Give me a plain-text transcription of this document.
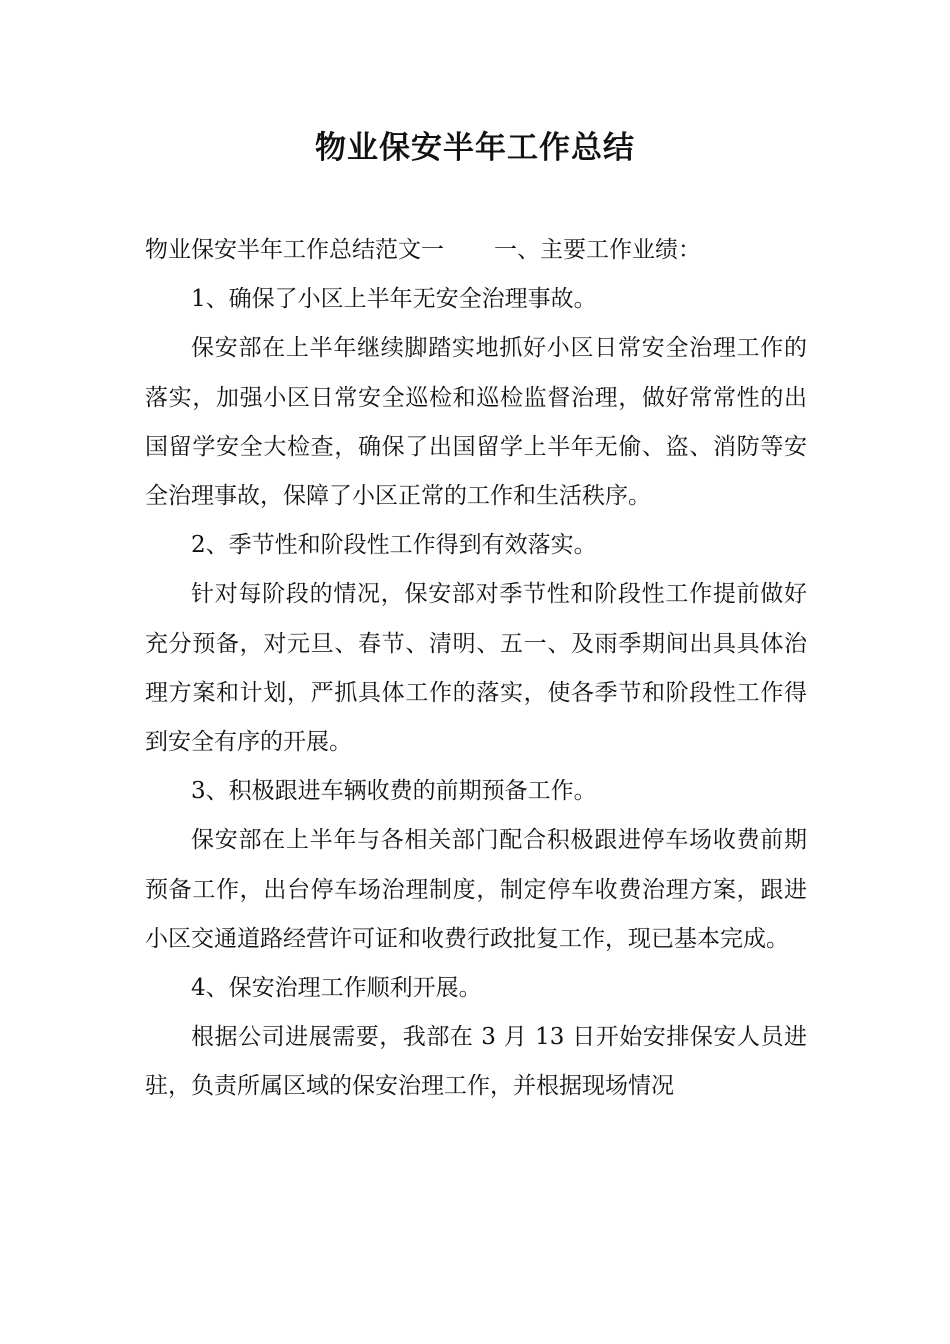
物业保安半年工作总结

物业保安半年工作总结范文一 一、主要工作业绩：

1、确保了小区上半年无安全治理事故。

保安部在上半年继续脚踏实地抓好小区日常安全治理工作的落实，加强小区日常安全巡检和巡检监督治理，做好常常性的出国留学安全大检查，确保了出国留学上半年无偷、盗、消防等安全治理事故，保障了小区正常的工作和生活秩序。

2、季节性和阶段性工作得到有效落实。

针对每阶段的情况，保安部对季节性和阶段性工作提前做好充分预备，对元旦、春节、清明、五一、及雨季期间出具具体治理方案和计划，严抓具体工作的落实，使各季节和阶段性工作得到安全有序的开展。

3、积极跟进车辆收费的前期预备工作。

保安部在上半年与各相关部门配合积极跟进停车场收费前期预备工作，出台停车场治理制度，制定停车收费治理方案，跟进小区交通道路经营许可证和收费行政批复工作，现已基本完成。

4、保安治理工作顺利开展。

根据公司进展需要，我部在 3 月 13 日开始安排保安人员进驻，负责所属区域的保安治理工作，并根据现场情况
